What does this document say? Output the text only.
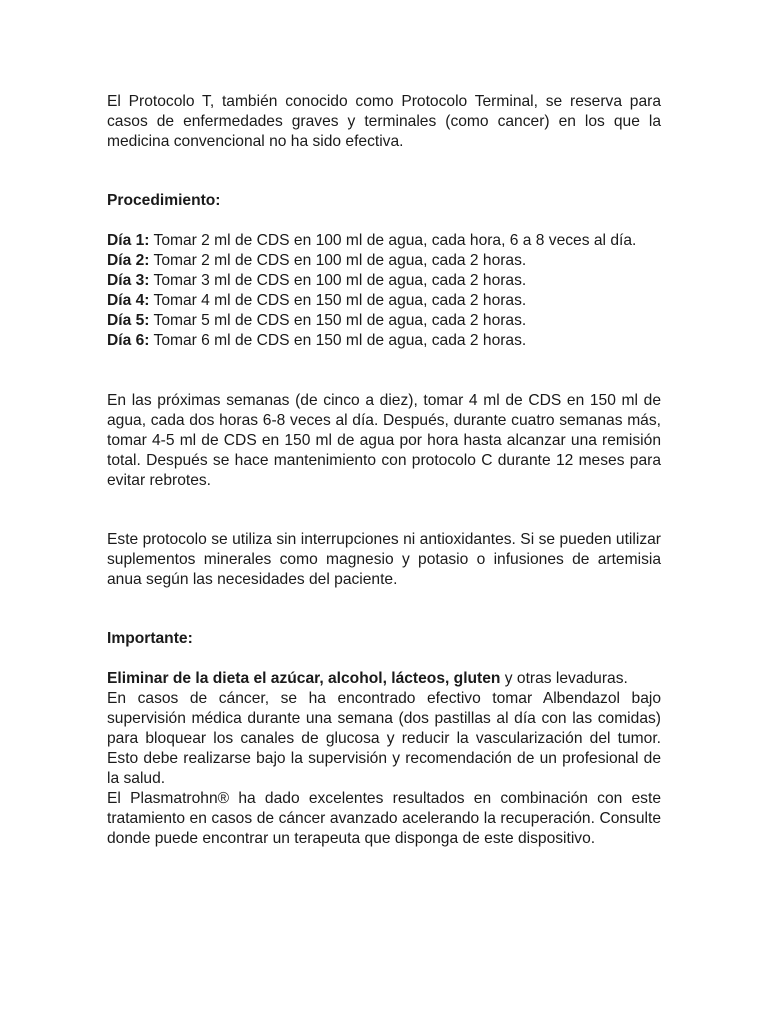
El Protocolo T, también conocido como Protocolo Terminal, se reserva para casos de enfermedades graves y terminales (como cancer) en los que la medicina convencional no ha sido efectiva.

Procedimiento:

Día 1: Tomar 2 ml de CDS en 100 ml de agua, cada hora, 6 a 8 veces al día.

Día 2: Tomar 2 ml de CDS en 100 ml de agua, cada 2 horas.

Día 3: Tomar 3 ml de CDS en 100 ml de agua, cada 2 horas.

Día 4: Tomar 4 ml de CDS en 150 ml de agua, cada 2 horas.

Día 5: Tomar 5 ml de CDS en 150 ml de agua, cada 2 horas.

Día 6: Tomar 6 ml de CDS en 150 ml de agua, cada 2 horas.

En las próximas semanas (de cinco a diez), tomar 4 ml de CDS en 150 ml de agua, cada dos horas 6-8 veces al día. Después, durante cuatro semanas más, tomar 4-5 ml de CDS en 150 ml de agua por hora hasta alcanzar una remisión total. Después se hace mantenimiento con protocolo C durante 12 meses para evitar rebrotes.

Este protocolo se utiliza sin interrupciones ni antioxidantes. Si se pueden utilizar suplementos minerales como magnesio y potasio o infusiones de artemisia anua según las necesidades del paciente.

Importante:

Eliminar de la dieta el azúcar, alcohol, lácteos, gluten y otras levaduras.

En casos de cáncer, se ha encontrado efectivo tomar Albendazol bajo supervisión médica durante una semana (dos pastillas al día con las comidas) para bloquear los canales de glucosa y reducir la vascularización del tumor. Esto debe realizarse bajo la supervisión y recomendación de un profesional de la salud.

El Plasmatrohn® ha dado excelentes resultados en combinación con este tratamiento en casos de cáncer avanzado acelerando la recuperación. Consulte donde puede encontrar un terapeuta que disponga de este dispositivo.
